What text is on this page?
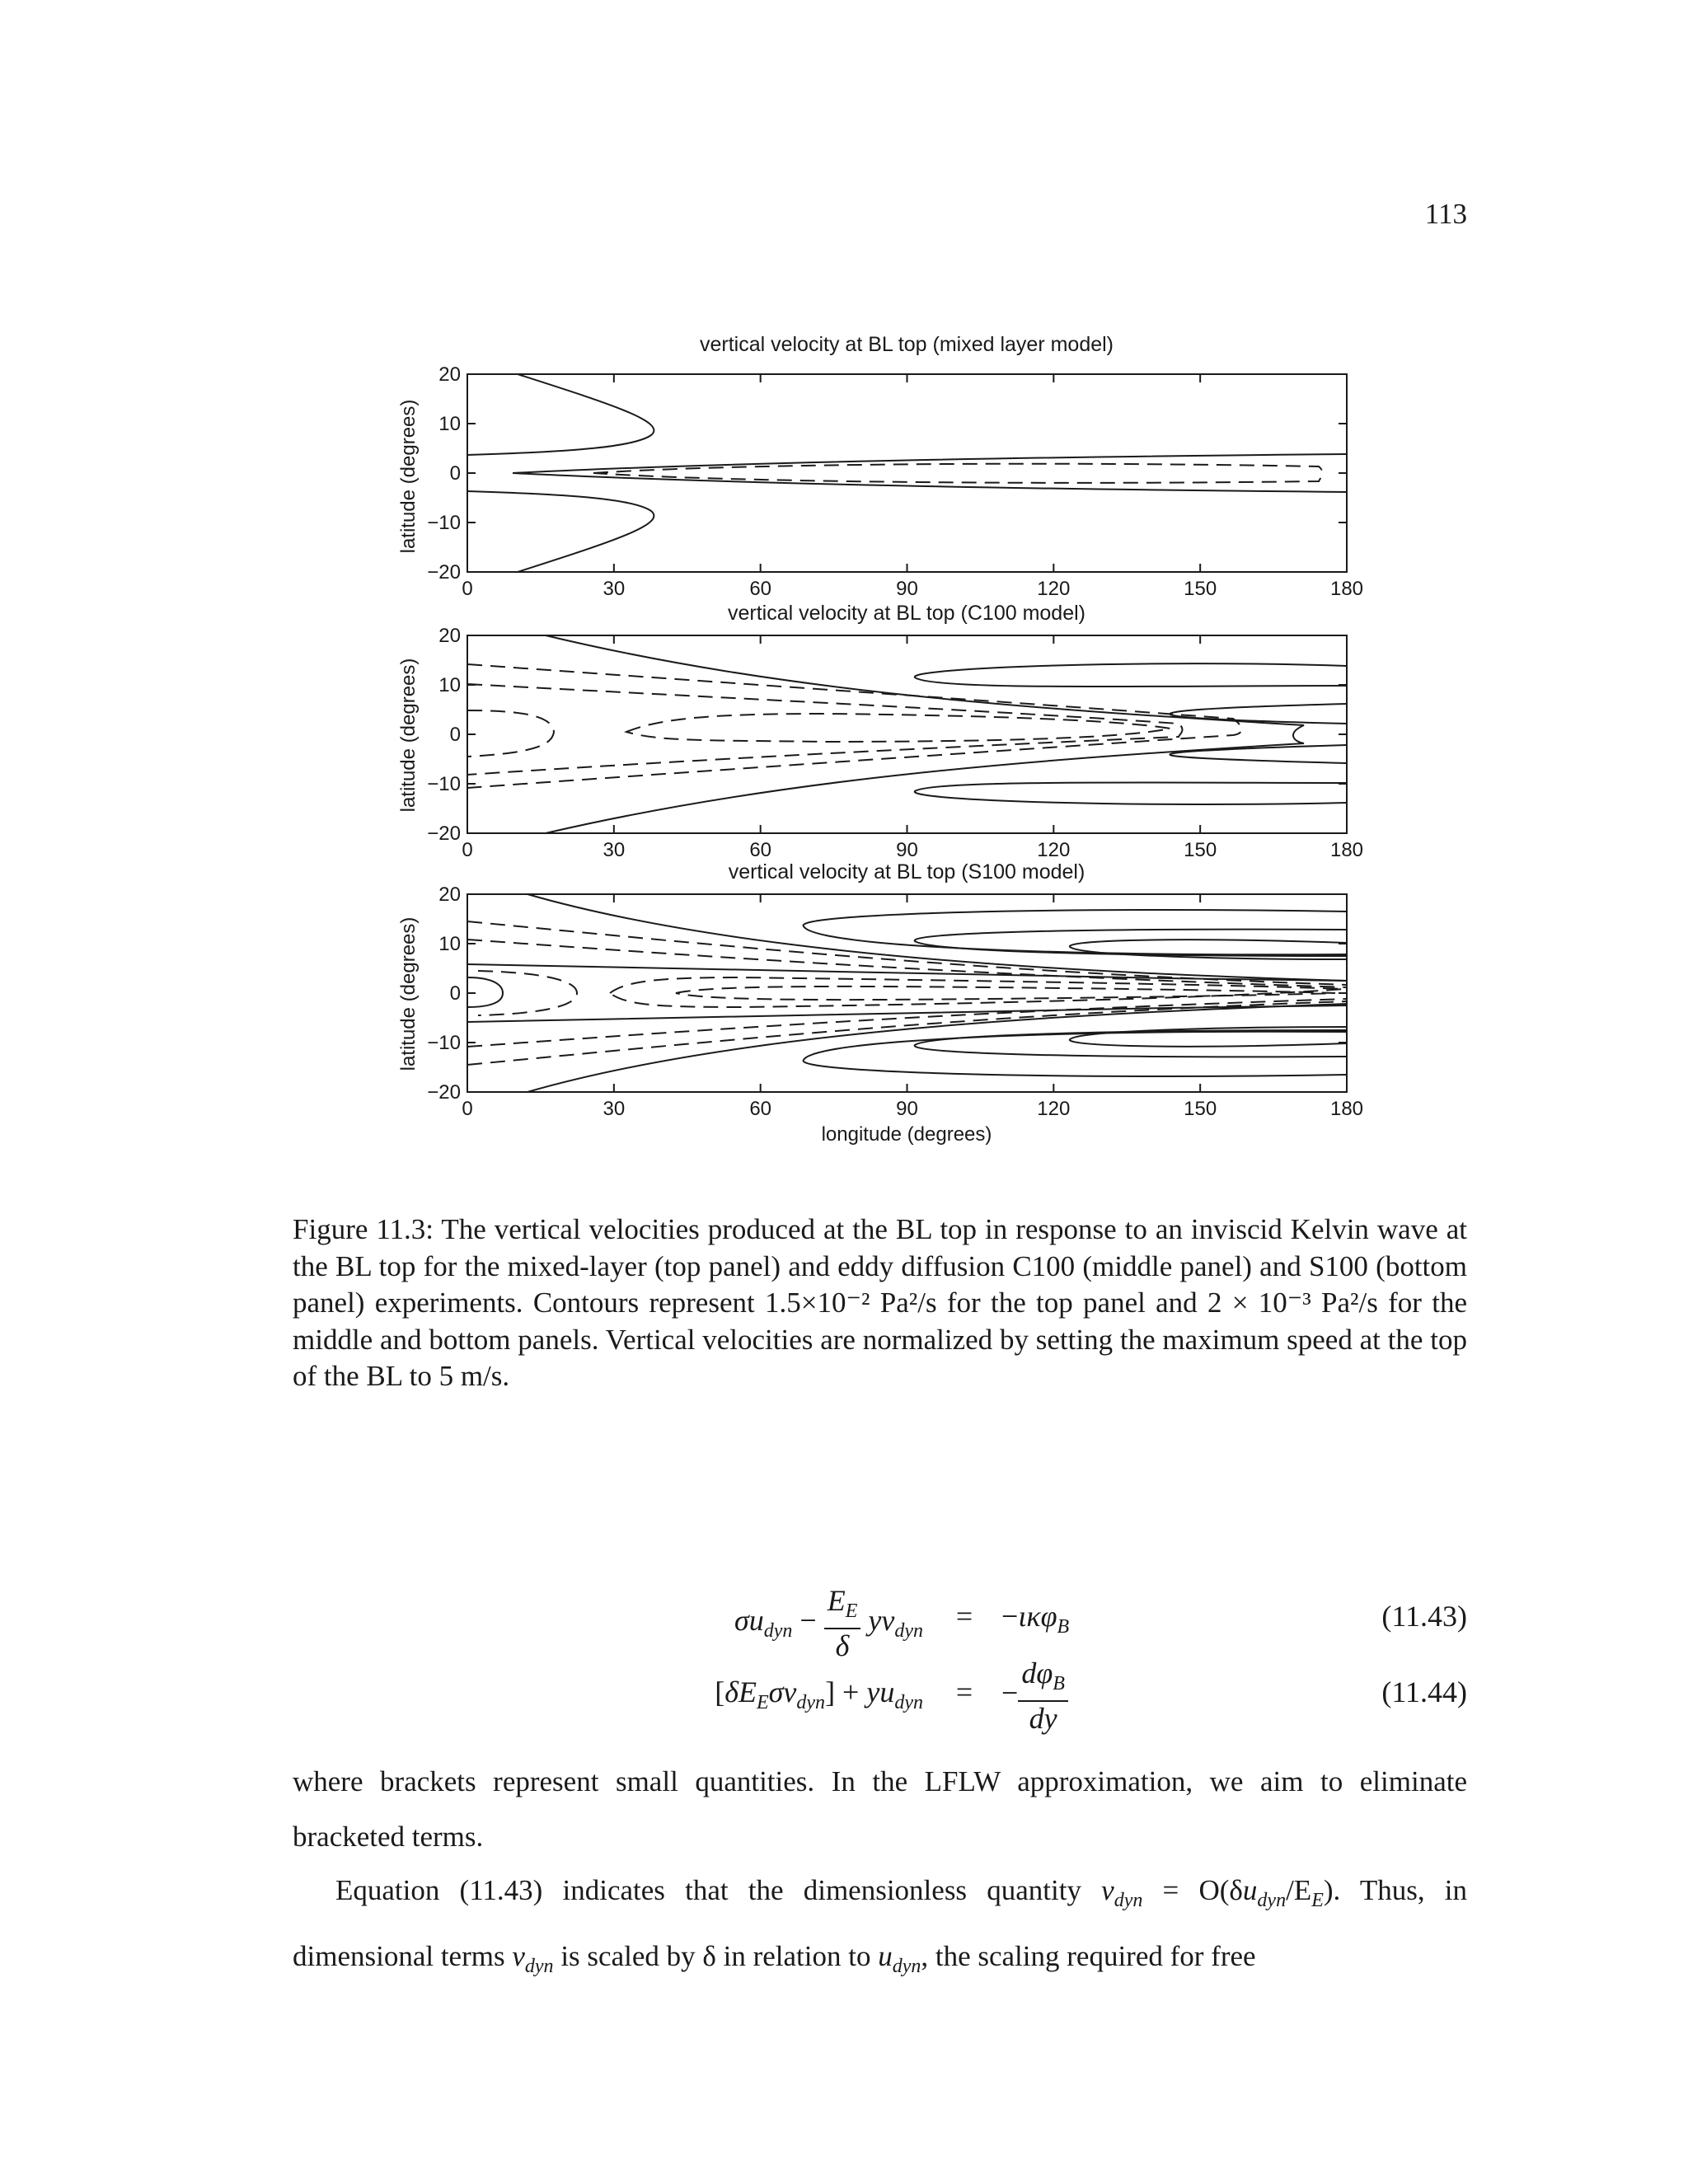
113
vertical velocity at BL top (mixed layer model)
vertical velocity at BL top (C100 model)
vertical velocity at BL top (S100 model)
latitude (degrees)
latitude (degrees)
latitude (degrees)
longitude (degrees)
0	30	60	90	120	150	180
20
10
0
−10
−20
0	30	60	90	120	150	180
20
10
0
−10
−20
0	30	60	90	120	150	180
20
10
0
−10
−20
Figure 11.3: The vertical velocities produced at the BL top in response to an inviscid Kelvin wave at the BL top for the mixed-layer (top panel) and eddy diffusion C100 (middle panel) and S100 (bottom panel) experiments. Contours represent 1.5×10⁻² Pa²/s for the top panel and 2 × 10⁻³ Pa²/s for the middle and bottom panels. Vertical velocities are normalized by setting the maximum speed at the top of the BL to 5 m/s.
$\sigma u_{dyn} - \frac{E_E}{\delta} yv_{dyn}$	= −ικφ$_B$	(11.43)
$[\delta E_E\sigma v_{dyn}] + yu_{dyn}$	= − $\frac{d\varphi_B}{dy}$	(11.44)
where brackets represent small quantities. In the LFLW approximation, we aim to eliminate bracketed terms.
Equation (11.43) indicates that the dimensionless quantity $v_{dyn} = O(\delta u_{dyn}/E_E)$. Thus, in dimensional terms $v_{dyn}$ is scaled by δ in relation to $u_{dyn}$, the scaling required for free
